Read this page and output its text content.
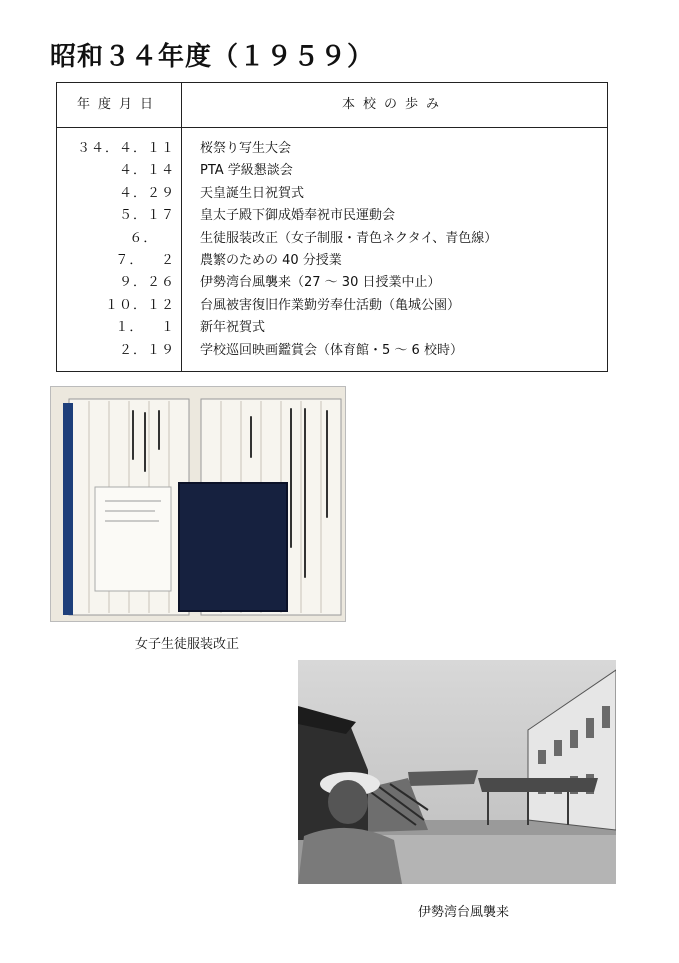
昭和３４年度（１９５９）
年度月日	本校の歩み
３４．４．１１ 桜祭り写生大会
４．１４ PTA 学級懇談会
４．２９ 天皇誕生日祝賀式
５．１７ 皇太子殿下御成婚奉祝市民運動会
６． 生徒服装改正（女子制服・青色ネクタイ、青色線）
７．  ２ 農繁のための 40 分授業
９．２６ 伊勢湾台風襲来（27 ～ 30 日授業中止）
１０．１２ 台風被害復旧作業勤労奉仕活動（亀城公園）
１．  １ 新年祝賀式
２．１９ 学校巡回映画鑑賞会（体育館・5 ～ 6 校時）
女子生徒服装改正
伊勢湾台風襲来
